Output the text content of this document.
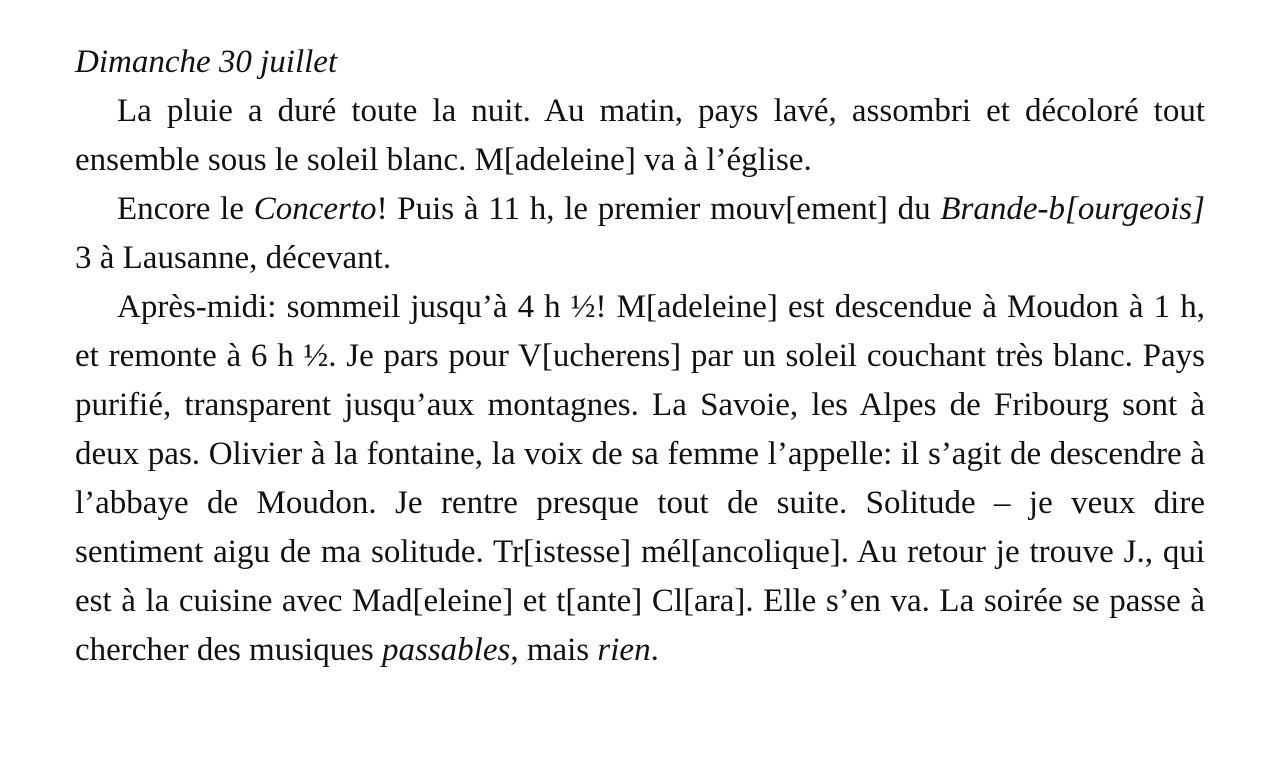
Dimanche 30 juillet

La pluie a duré toute la nuit. Au matin, pays lavé, assombri et décoloré tout ensemble sous le soleil blanc. M[adeleine] va à l’église.

Encore le Concerto! Puis à 11 h, le premier mouv[ement] du Brande-b[ourgeois] 3 à Lausanne, décevant.

Après-midi: sommeil jusqu’à 4 h ½! M[adeleine] est descendue à Moudon à 1 h, et remonte à 6 h ½. Je pars pour V[ucherens] par un soleil couchant très blanc. Pays purifié, transparent jusqu’aux montagnes. La Savoie, les Alpes de Fribourg sont à deux pas. Olivier à la fontaine, la voix de sa femme l’appelle: il s’agit de descendre à l’abbaye de Moudon. Je rentre presque tout de suite. Solitude – je veux dire sentiment aigu de ma solitude. Tr[istesse] mél[ancolique]. Au retour je trouve J., qui est à la cuisine avec Mad[eleine] et t[ante] Cl[ara]. Elle s’en va. La soirée se passe à chercher des musiques passables, mais rien.
